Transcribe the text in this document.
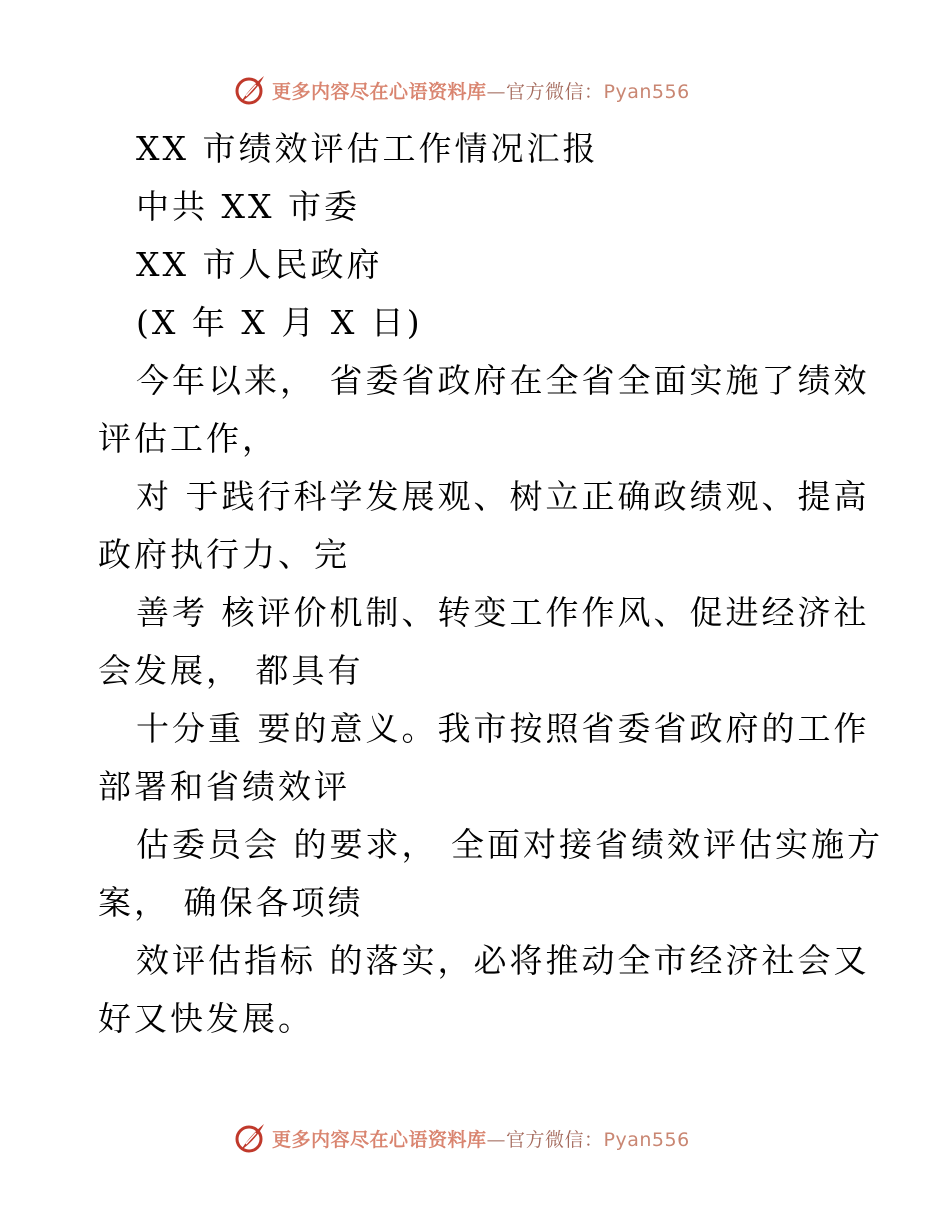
更多内容尽在心语资料库—官方微信：Pyan556
XX 市绩效评估工作情况汇报
中共 XX 市委
XX 市人民政府
(X 年 X 月 X 日)
今年以来， 省委省政府在全省全面实施了绩效
评估工作，
对 于践行科学发展观、树立正确政绩观、提高
政府执行力、完
善考 核评价机制、转变工作作风、促进经济社
会发展， 都具有
十分重 要的意义。我市按照省委省政府的工作
部署和省绩效评
估委员会 的要求， 全面对接省绩效评估实施方
案， 确保各项绩
效评估指标 的落实，必将推动全市经济社会又
好又快发展。
更多内容尽在心语资料库—官方微信：Pyan556
